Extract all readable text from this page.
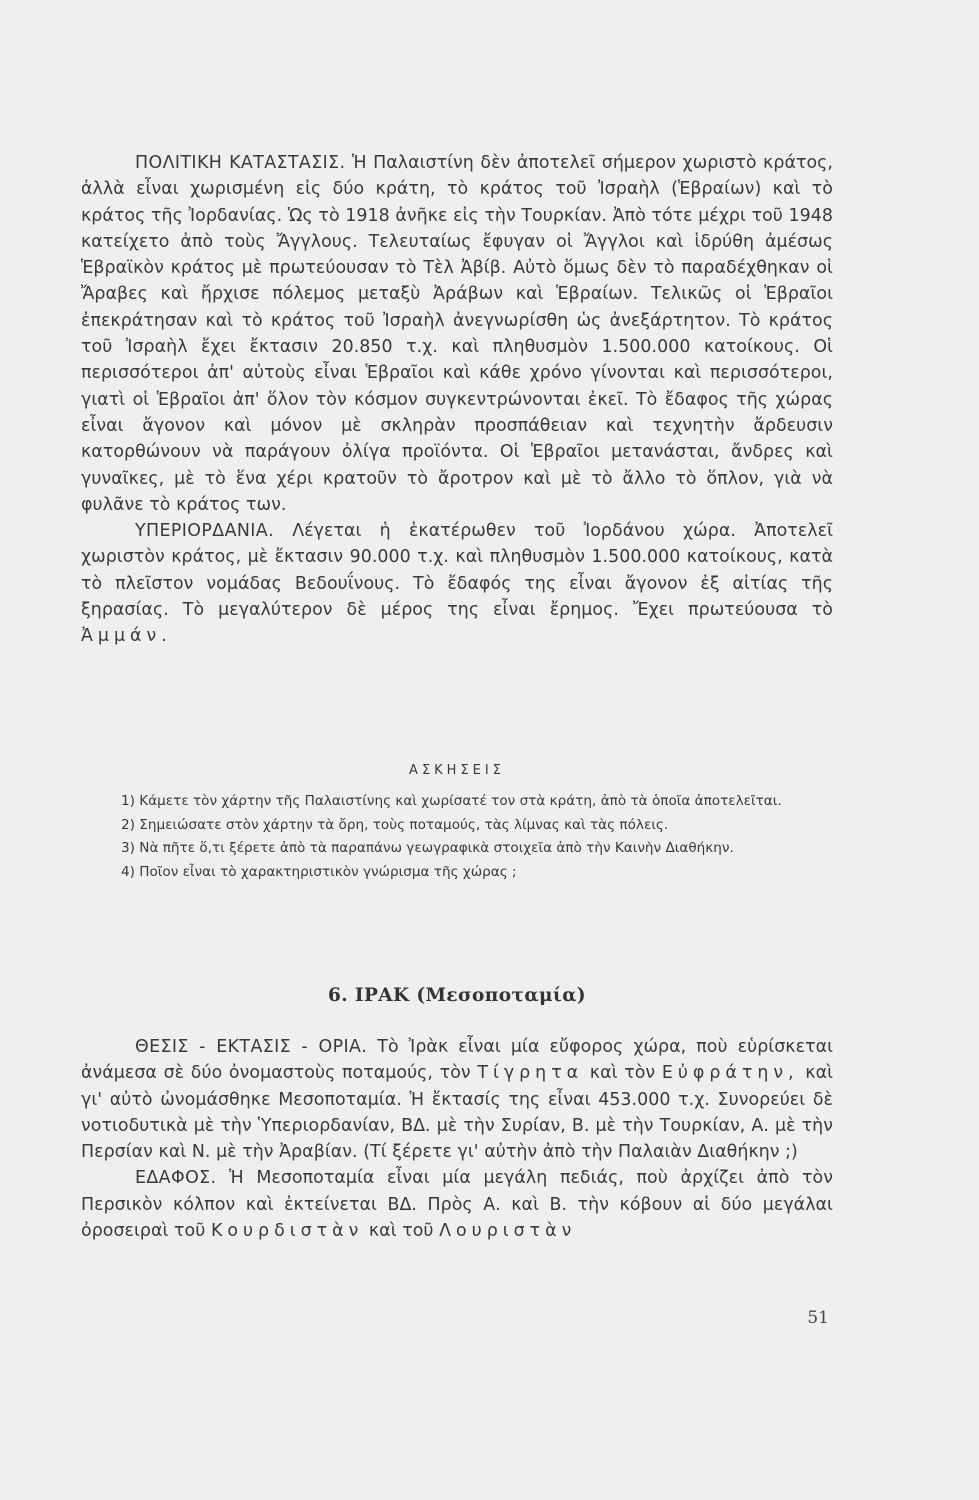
ΠΟΛΙΤΙΚΗ ΚΑΤΑΣΤΑΣΙΣ. Ἡ Παλαιστίνη δὲν ἀποτελεῖ σήμερον χωριστὸ κράτος, ἀλλὰ εἶναι χωρισμένη εἰς δύο κράτη, τὸ κράτος τοῦ Ἰσραὴλ (Ἑβραίων) καὶ τὸ κράτος τῆς Ἰορδανίας. Ὡς τὸ 1918 ἀνῆκε εἰς τὴν Τουρκίαν. Ἀπὸ τότε μέχρι τοῦ 1948 κατείχετο ἀπὸ τοὺς Ἄγγλους. Τελευταίως ἔφυγαν οἱ Ἄγγλοι καὶ ἱδρύθη ἀμέσως Ἑβραϊκὸν κράτος μὲ πρωτεύουσαν τὸ Τὲλ Ἀβίβ. Αὐτὸ ὅμως δὲν τὸ παραδέχθηκαν οἱ Ἄραβες καὶ ἤρχισε πόλεμος μεταξὺ Ἀράβων καὶ Ἑβραίων. Τελικῶς οἱ Ἑβραῖοι ἐπεκράτησαν καὶ τὸ κράτος τοῦ Ἰσραὴλ ἀνεγνωρίσθη ὡς ἀνεξάρτητον. Τὸ κράτος τοῦ Ἰσραὴλ ἔχει ἔκτασιν 20.850 τ.χ. καὶ πληθυσμὸν 1.500.000 κατοίκους. Οἱ περισσότεροι ἀπ' αὐτοὺς εἶναι Ἑβραῖοι καὶ κάθε χρόνο γίνονται καὶ περισσότεροι, γιατὶ οἱ Ἑβραῖοι ἀπ' ὅλον τὸν κόσμον συγκεντρώνονται ἐκεῖ. Τὸ ἔδαφος τῆς χώρας εἶναι ἄγονον καὶ μόνον μὲ σκληρὰν προσπάθειαν καὶ τεχνητὴν ἄρδευσιν κατορθώνουν νὰ παράγουν ὀλίγα προϊόντα. Οἱ Ἑβραῖοι μετανάσται, ἄνδρες καὶ γυναῖκες, μὲ τὸ ἕνα χέρι κρατοῦν τὸ ἄροτρον καὶ μὲ τὸ ἄλλο τὸ ὅπλον, γιὰ νὰ φυλᾶνε τὸ κράτος των.

ΥΠΕΡΙΟΡΔΑΝΙΑ. Λέγεται ἡ ἑκατέρωθεν τοῦ Ἰορδάνου χώρα. Ἀποτελεῖ χωριστὸν κράτος, μὲ ἔκτασιν 90.000 τ.χ. καὶ πληθυσμὸν 1.500.000 κατοίκους, κατὰ τὸ πλεῖστον νομάδας Βεδουΐνους. Τὸ ἔδαφός της εἶναι ἄγονον ἐξ αἰτίας τῆς ξηρασίας. Τὸ μεγαλύτερον δὲ μέρος της εἶναι ἔρημος. Ἔχει πρωτεύουσα τὸ Ἀμμάν.

ΑΣΚΗΣΕΙΣ

1) Κάμετε τὸν χάρτην τῆς Παλαιστίνης καὶ χωρίσατέ τον στὰ κράτη, ἀπὸ τὰ ὁποῖα ἀποτελεῖται.

2) Σημειώσατε στὸν χάρτην τὰ ὄρη, τοὺς ποταμούς, τὰς λίμνας καὶ τὰς πόλεις.

3) Νὰ πῆτε ὅ,τι ξέρετε ἀπὸ τὰ παραπάνω γεωγραφικὰ στοιχεῖα ἀπὸ τὴν Καινὴν Διαθήκην.

4) Ποῖον εἶναι τὸ χαρακτηριστικὸν γνώρισμα τῆς χώρας ;

6. ΙΡΑΚ (Μεσοποταμία)

ΘΕΣΙΣ - ΕΚΤΑΣΙΣ - ΟΡΙΑ. Τὸ Ἰρὰκ εἶναι μία εὔφορος χώρα, ποὺ εὑρίσκεται ἀνάμεσα σὲ δύο ὀνομαστοὺς ποταμούς, τὸν Τίγρητα καὶ τὸν Εὐφράτην, καὶ γι' αὐτὸ ὠνομάσθηκε Μεσοποταμία. Ἡ ἔκτασίς της εἶναι 453.000 τ.χ. Συνορεύει δὲ νοτιοδυτικὰ μὲ τὴν Ὑπεριορδανίαν, ΒΔ. μὲ τὴν Συρίαν, Β. μὲ τὴν Τουρκίαν, Α. μὲ τὴν Περσίαν καὶ Ν. μὲ τὴν Ἀραβίαν. (Τί ξέρετε γι' αὐτὴν ἀπὸ τὴν Παλαιὰν Διαθήκην ;)

ΕΔΑΦΟΣ. Ἡ Μεσοποταμία εἶναι μία μεγάλη πεδιάς, ποὺ ἀρχίζει ἀπὸ τὸν Περσικὸν κόλπον καὶ ἐκτείνεται ΒΔ. Πρὸς Α. καὶ Β. τὴν κόβουν αἱ δύο μεγάλαι ὀροσειραὶ τοῦ Κουρδιστὰν καὶ τοῦ Λουριστὰν

51
